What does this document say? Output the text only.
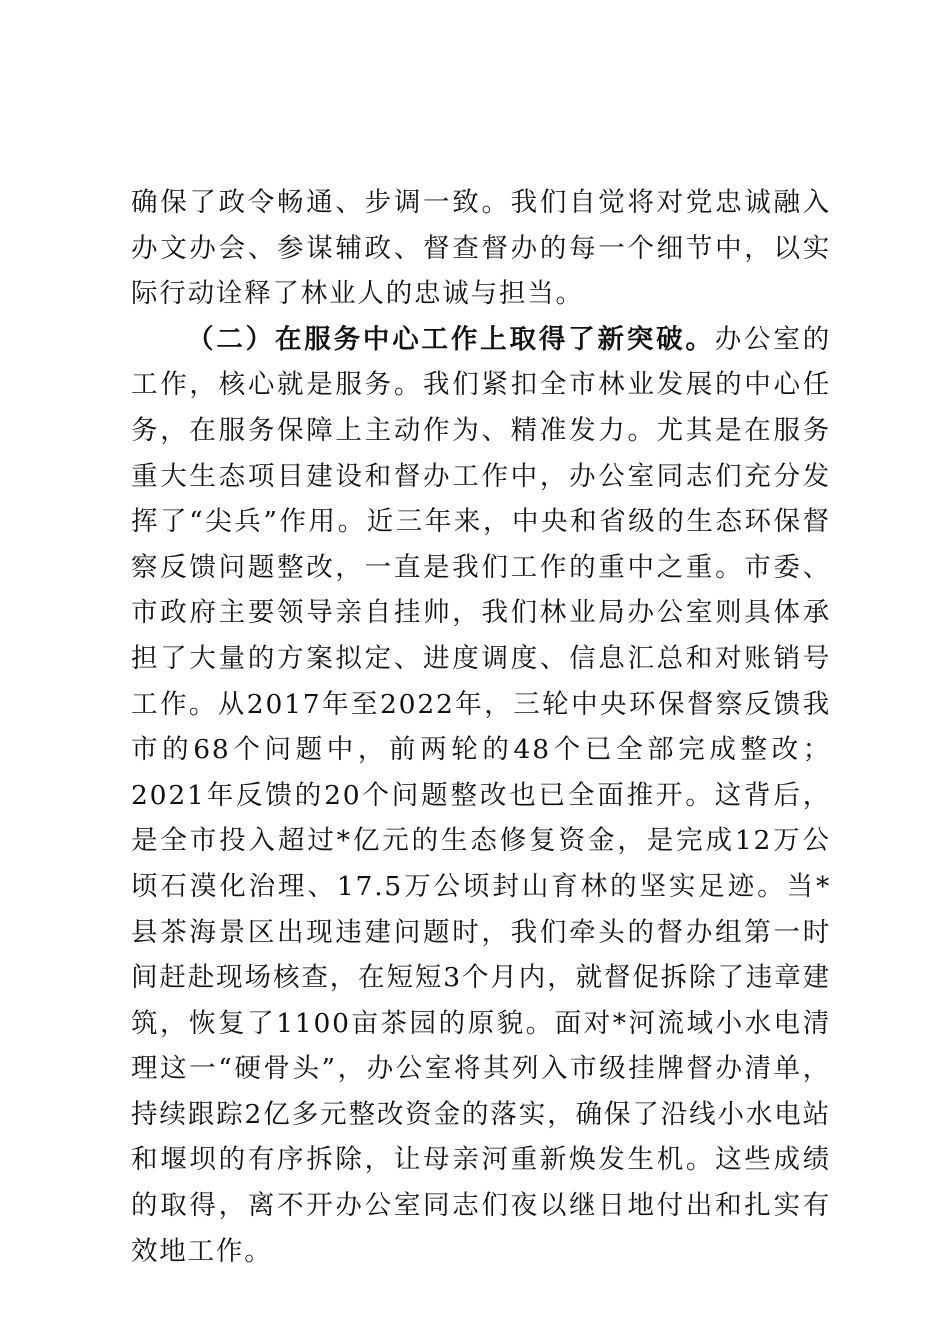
确保了政令畅通、步调一致。我们自觉将对党忠诚融入办文办会、参谋辅政、督查督办的每一个细节中，以实际行动诠释了林业人的忠诚与担当。

（二）在服务中心工作上取得了新突破。办公室的工作，核心就是服务。我们紧扣全市林业发展的中心任务，在服务保障上主动作为、精准发力。尤其是在服务重大生态项目建设和督办工作中，办公室同志们充分发挥了“尖兵”作用。近三年来，中央和省级的生态环保督察反馈问题整改，一直是我们工作的重中之重。市委、市政府主要领导亲自挂帅，我们林业局办公室则具体承担了大量的方案拟定、进度调度、信息汇总和对账销号工作。从2017年至2022年，三轮中央环保督察反馈我市的68个问题中，前两轮的48个已全部完成整改；2021年反馈的20个问题整改也已全面推开。这背后，是全市投入超过*亿元的生态修复资金，是完成12万公顷石漠化治理、17.5万公顷封山育林的坚实足迹。当*县茶海景区出现违建问题时，我们牵头的督办组第一时间赶赴现场核查，在短短3个月内，就督促拆除了违章建筑，恢复了1100亩茶园的原貌。面对*河流域小水电清理这一“硬骨头”，办公室将其列入市级挂牌督办清单，持续跟踪2亿多元整改资金的落实，确保了沿线小水电站和堰坝的有序拆除，让母亲河重新焕发生机。这些成绩的取得，离不开办公室同志们夜以继日地付出和扎实有效地工作。
